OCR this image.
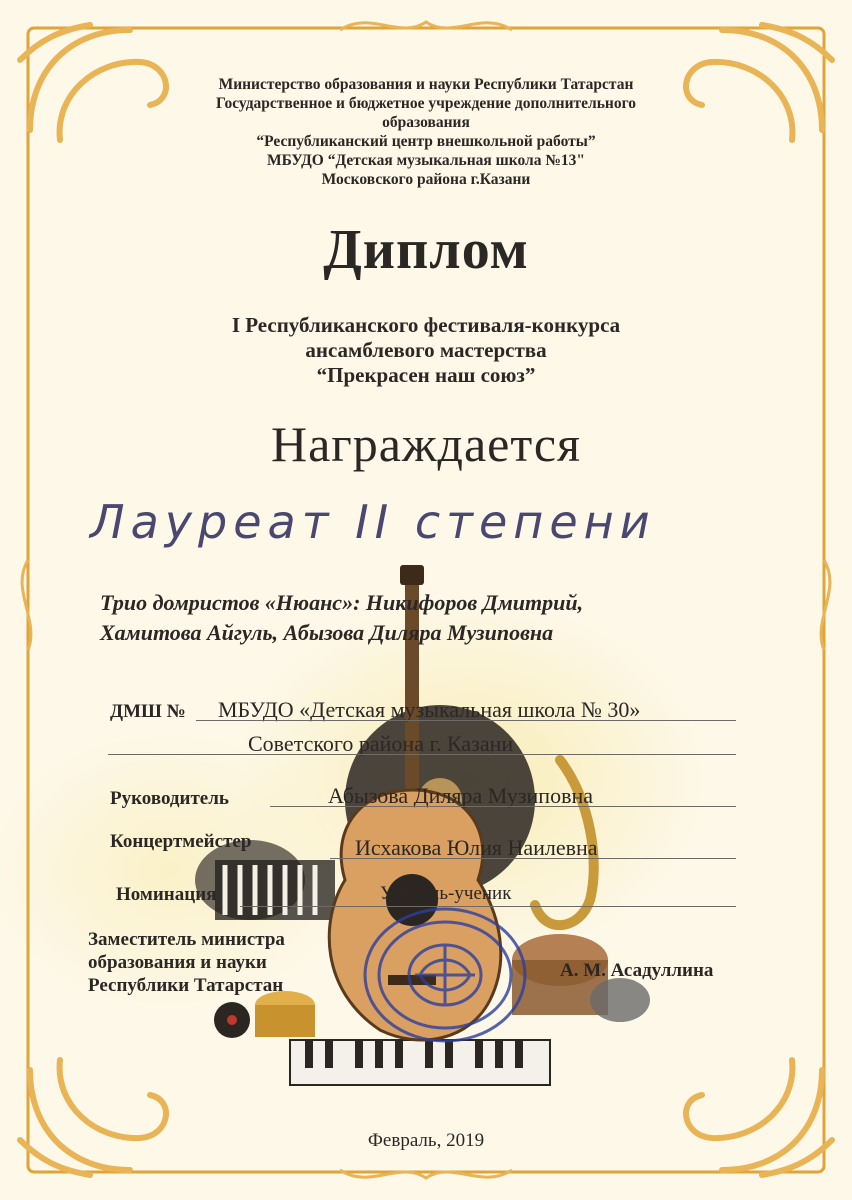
Министерство образования и науки Республики Татарстан
Государственное и бюджетное учреждение дополнительного
образования
“Республиканский центр внешкольной работы”
МБУДО “Детская музыкальная школа №13"
Московского района г.Казани
Диплом
I Республиканского фестиваля-конкурса
ансамблевого мастерства
“Прекрасен наш союз”
Награждается
Лауреат II степени
Трио домристов «Нюанс»: Никифоров Дмитрий,
Хамитова Айгуль, Абызова Диляра Музиповна
ДМШ № МБУДО «Детская музыкальная школа № 30»
Советского района г. Казани
Руководитель	Абызова Диляра Музиповна
Концертмейстер	Исхакова Юлия Наилевна
Номинация	Учитель-ученик
Заместитель министра
образования и науки
Республики Татарстан
А. М. Асадуллина
Февраль, 2019
